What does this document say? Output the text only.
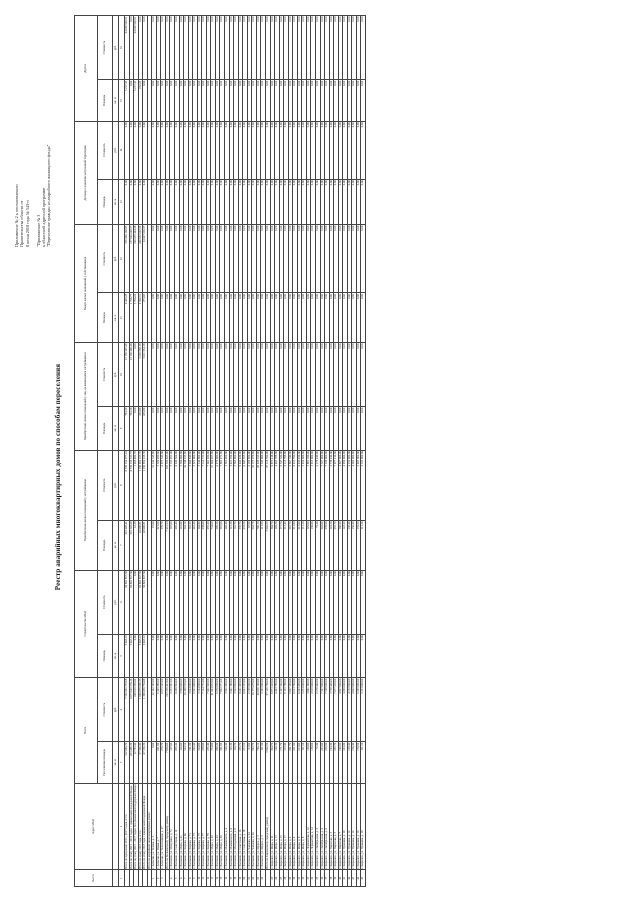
Приложение № 2 к постановлению Правительства области от 8 июня 2018 года № 343-п
"Приложение № 3 к областной адресной программе "Переселение граждан из аварийного жилищного фонда"
Реестр аварийных многоквартирных домов по способам переселения
№ п/п	Адрес МКД	Всего		Строительство МКД		Приобретение жилых помещений у застройщиков		Приобретение жилых помещений у лиц, не являющихся застройщиком		Выкуп жилых помещений у собственников		Договор о развитии застроенной территории		Другое	
		Расселяемая площадь	Стоимость	Площадь	Стоимость	Площадь	Стоимость	Площадь	Стоимость	Площадь	Стоимость	Площадь	Стоимость	Площадь	Стоимость
		кв. м	руб.	кв. м	руб.	кв. м	руб.	кв. м	руб.	кв. м	руб.	кв. м	руб.	кв. м	руб.
1	2	3	4	5	6	7	8	9	10	11	12	13	14	15	16
	Всего по программе 2013 - 2017 годов, в т.ч.:	312 086,70	7 352 005 372,08	3 663,12	90 861 857,50	291 428,41	8 359 154 077,41	793,20	13 150 207,48	6 425,28	339 666 162,85	0,00	0,00	5 217,43	64 865 965,91
	Всего по этапу 2013 - 2014 годов, с финансовой поддержкой Фонда	253 488,30	6 973 045 576,18	3 663,12	90 861 857,50	291 328,68	8 359 154 333,73	793,20	13 150 208,48	1 728,77	157 846 648,57	0,00	0,00	0,00	0,00
	Всего по этапу 2015 - 2017 годов, без финансовой поддержки Фонда	12 783,44	248 019 550,62	0,00	0,00	12,39	1 205 482,70	0,00	0,00	5 706,24	220 635 444,28	0,00	0,00	5 217,43	64 865 965,91
	Итого по этапу 2013 года, в т.ч.:	57 360,40	1 096 079 665,35	3 663,12	90 861 857,50	43 090,81	1 150 952 153,35	235,80	3 210 558,18	4 562,51	209 052 622,54	0,00	0,00	232,25	0,00
	Итого по этапу 2013 года с финансовой поддержкой Фонда	67 330,36	1 309 059 754,68	3 663,12	90 861 857,50	43 090,81	1 150 952 153,35	635,80	5 011 554,18	273,05	14 627 210,57	0,00	0,00	0,00	0,00
	Итого по аварийной многоквартирным домам														
1	г. Алексин, ул. Чехова, д. 3	0,00	12 142 345,00	0,00	0,00	91,00	12 142 345,00	0,00	0,00	0,00	0,00	0,00	0,00	0,00	0,00
2	г. Алексин, ул. Новая, д. 7	221,60	5 329 280,00	0,00	0,00	221,60	5 329 280,00	0,00	0,00	0,00	0,00	0,00	0,00	0,00	0,00
3	г. Алексин, ул. Челюскинцев, д. 27	270,70	6 975 545,00	0,00	0,00	270,70	6 975 545,00	0,00	0,00	0,00	0,00	0,00	0,00	0,00	0,00
	Итого по Болоховскому городскому району	7 826,00	193 339 423,00	0,00	0,00	7 412,24	193 550 823,00	0,00	0,00	0,00	0,00	0,00	0,00	0,00	0,00
4	г. Болохово, ул. Мичурина, д. 7а	107,60	3 333 291,00	0,00	0,00	107,60	3 333 291,00	0,00	0,00	0,00	0,00	0,00	0,00	0,00	0,00
5	г. Болохово, ул. Советская, д. 12	205,40	6 249 564,00	0,00	0,00	205,40	6 249 564,00	0,00	0,00	0,00	0,00	0,00	0,00	0,00	0,00
6	г. Болохово, ул. Мира, д. 41	116,60	3 596 000,00	0,00	0,00	116,60	3 596 000,00	0,00	0,00	0,00	0,00	0,00	0,00	0,00	0,00
7	г. Болохово, ул. Кирова, д. 60	544,10	16 348 935,00	0,00	0,00	544,10	16 348 935,00	0,00	0,00	0,00	0,00	0,00	0,00	0,00	0,00
8	г. Болохово, ул. Кирова, д. 71	101,20	3 044 840,00	0,00	0,00	101,20	3 044 840,00	0,00	0,00	0,00	0,00	0,00	0,00	0,00	0,00
9	г. Болохово, ул. Кирова, д. 73	222,40	5 521 600,00	0,00	0,00	222,40	5 521 600,00	0,00	0,00	0,00	0,00	0,00	0,00	0,00	0,00
10	г. Болохово, ул. Кирова, д. 75	104,80	3 144 000,00	0,00	0,00	104,80	3 144 000,00	0,00	0,00	0,00	0,00	0,00	0,00	0,00	0,00
11	г. Болохово, ул. Кирова, д. 77	238,60	7 114 731,00	0,00	0,00	238,60	7 114 731,00	0,00	0,00	0,00	0,00	0,00	0,00	0,00	0,00
12	г. Болохово, ул. Кирова, д. 79	255,40	7 661 920,00	0,00	0,00	255,40	7 661 920,00	0,00	0,00	0,00	0,00	0,00	0,00	0,00	0,00
13	г. Болохово, ул. Мира, д. 42	734,00	21 694 653,00	0,00	0,00	734,00	21 694 653,00	0,00	0,00	0,00	0,00	0,00	0,00	0,00	0,00
14	г. Болохово, ул. Мира, д. 44	209,20	6 276 000,00	0,00	0,00	209,20	6 276 000,00	0,00	0,00	0,00	0,00	0,00	0,00	0,00	0,00
15	г. Болохово, ул. Мира, д. 46	301,90	7 802 271,00	0,00	0,00	301,90	7 802 271,00	0,00	0,00	0,00	0,00	0,00	0,00	0,00	0,00
16	г. Болохово, ул. Маяковского, д. 4	120,40	3 501 200,00	0,00	0,00	120,40	3 501 200,00	0,00	0,00	0,00	0,00	0,00	0,00	0,00	0,00
17	г. Болохово, ул. Маяковского, д. 6	115,30	3 421 180,00	0,00	0,00	115,30	3 421 180,00	0,00	0,00	0,00	0,00	0,00	0,00	0,00	0,00
18	г. Болохово, ул. Молодежная, д. 8	116,70	3 503 006,00	0,00	0,00	116,70	3 503 006,00	0,00	0,00	0,00	0,00	0,00	0,00	0,00	0,00
19	г. Болохово, ул. Советская, д. 16	335,70	9 241 429,00	0,00	0,00	335,70	9 241 429,00	0,00	0,00	0,00	0,00	0,00	0,00	0,00	0,00
20	г. Болохово, ул. Советская, д. 18	233,50	6 643 555,00	0,00	0,00	233,50	6 643 555,00	0,00	0,00	0,00	0,00	0,00	0,00	0,00	0,00
21	г. Болохово, ул. Чапаева, д. 24	93,90	2 199 900,00	0,00	0,00	93,90	2 199 900,00	0,00	0,00	0,00	0,00	0,00	0,00	0,00	0,00
22	г. Болохово, ул. Чапаева, д. 26	563,70	16 375 679,00	0,00	0,00	563,70	16 375 679,00	0,00	0,00	0,00	0,00	0,00	0,00	0,00	0,00
23	г. Болохово, ул. Щорса, д. 3	700,10	20 038 165,00	0,00	0,00	700,10	20 038 165,00	0,00	0,00	0,00	0,00	0,00	0,00	0,00	0,00
24	г. Болохово, ул. Щорса, д. 5	111,50	3 345 000,00	0,00	0,00	111,50	3 345 000,00	0,00	0,00	0,00	0,00	0,00	0,00	0,00	0,00
	Итого по Киреевскому городскому району	3 902,50	97 118 700,00	0,00	0,00	3 902,50	97 118 700,00	0,00	0,00	0,00	0,00	0,00	0,00	0,00	0,00
25	г. Киреевск, ул. Мира, д. 11	304,70	9 873 418,00	0,00	0,00	304,70	9 873 418,00	0,00	0,00	0,00	0,00	0,00	0,00	0,00	0,00
26	г. Киреевск, ул. Мира, д. 13	126,30	4 403 788,00	0,00	0,00	126,30	4 403 788,00	0,00	0,00	0,00	0,00	0,00	0,00	0,00	0,00
27	г. Киреевск, ул. Мира, д. 15	171,70	5 347 320,00	0,00	0,00	171,70	5 347 320,00	0,00	0,00	0,00	0,00	0,00	0,00	0,00	0,00
28	г. Киреевск, ул. Мира, д. 17	313,40	9 115 788,00	0,00	0,00	313,40	9 115 788,00	0,00	0,00	0,00	0,00	0,00	0,00	0,00	0,00
29	г. Киреевск, ул. Мира, д. 2	201,70	5 867 349,00	0,00	0,00	201,70	5 867 349,00	0,00	0,00	0,00	0,00	0,00	0,00	0,00	0,00
30	г. Киреевск, ул. Мира, д. 4	211,90	6 213 790,00	0,00	0,00	211,90	6 213 790,00	0,00	0,00	0,00	0,00	0,00	0,00	0,00	0,00
31	г. Киреевск, ул. Мира, д. 6	213,00	6 243 450,00	0,00	0,00	213,00	6 243 450,00	0,00	0,00	0,00	0,00	0,00	0,00	0,00	0,00
32	г. Киреевск, ул. Мира, д. 8	111,10	3 254 000,00	0,00	0,00	111,10	3 254 000,00	0,00	0,00	0,00	0,00	0,00	0,00	0,00	0,00
33	г. Киреевск, ул. Лермонтова, д. 12	129,00	3 881 160,00	0,00	0,00	129,00	3 881 160,00	0,00	0,00	0,00	0,00	0,00	0,00	0,00	0,00
34	г. Киреевск, ул. Лермонтова, д. 14	130,00	3 915 000,00	0,00	0,00	130,00	3 915 000,00	0,00	0,00	0,00	0,00	0,00	0,00	0,00	0,00
35	г. Киреевск, ул. Октябрьская, д. 2	72,40	2 178 440,00	0,00	0,00	72,40	2 178 440,00	0,00	0,00	0,00	0,00	0,00	0,00	0,00	0,00
36	г. Киреевск, ул. Октябрьская, д. 4	243,60	7 327 000,00	0,00	0,00	243,60	7 327 000,00	0,00	0,00	0,00	0,00	0,00	0,00	0,00	0,00
37	г. Киреевск, ул. Октябрьская, д. 6	239,90	7 198 000,00	0,00	0,00	239,90	7 198 000,00	0,00	0,00	0,00	0,00	0,00	0,00	0,00	0,00
38	г. Киреевск, ул. Пирогова, д. 3	124,30	3 738 440,00	0,00	0,00	124,30	3 738 440,00	0,00	0,00	0,00	0,00	0,00	0,00	0,00	0,00
39	г. Киреевск, ул. Пирогова, д. 5	255,70	7 677 210,00	0,00	0,00	255,70	7 677 210,00	0,00	0,00	0,00	0,00	0,00	0,00	0,00	0,00
40	г. Киреевск, ул. Пирогова, д. 7	160,90	4 827 000,00	0,00	0,00	160,90	4 827 000,00	0,00	0,00	0,00	0,00	0,00	0,00	0,00	0,00
41	г. Киреевск, ул. Пушкина, д. 10	143,20	4 296 000,00	0,00	0,00	143,20	4 296 000,00	0,00	0,00	0,00	0,00	0,00	0,00	0,00	0,00
42	г. Киреевск, ул. Пушкина, д. 12	138,40	4 152 000,00	0,00	0,00	138,40	4 152 000,00	0,00	0,00	0,00	0,00	0,00	0,00	0,00	0,00
43	г. Киреевск, ул. Пушкина, д. 14	136,40	4 092 000,00	0,00	0,00	136,40	4 092 000,00	0,00	0,00	0,00	0,00	0,00	0,00	0,00	0,00
44	г. Киреевск, ул. Пушкина, д. 16	176,50	5 295 000,00	0,00	0,00	176,50	5 295 000,00	0,00	0,00	0,00	0,00	0,00	0,00	0,00	0,00
45	г. Киреевск, ул. Пушкина, д. 18	111,10	3 333 000,00	0,00	0,00	111,10	3 333 000,00	0,00	0,00	0,00	0,00	0,00	0,00	0,00	0,00
